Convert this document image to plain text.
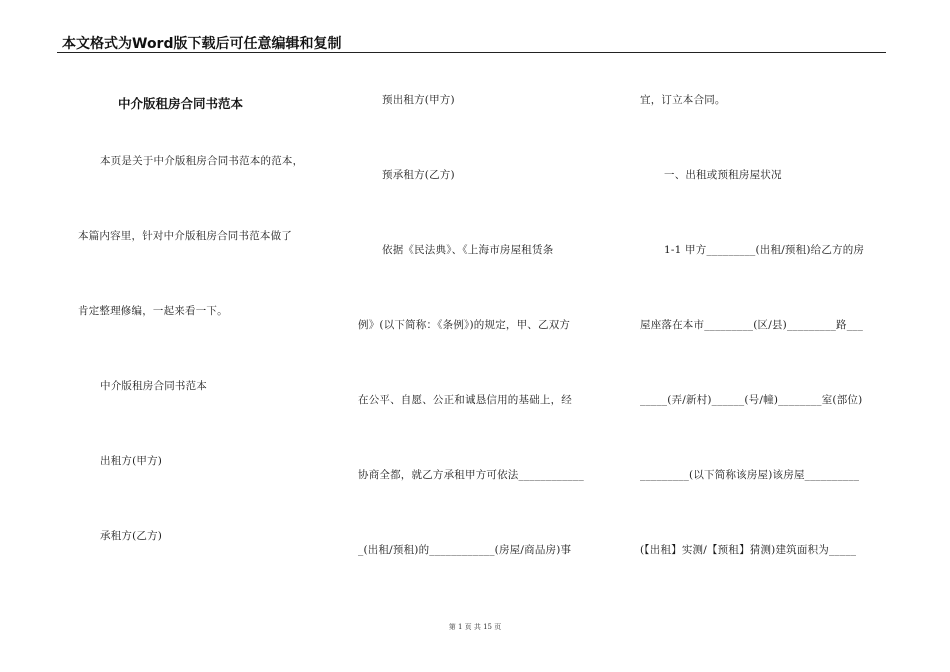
本文格式为Word版下载后可任意编辑和复制
中介版租房合同书范本
本页是关于中介版租房合同书范本的范本，
本篇内容里，针对中介版租房合同书范本做了
肯定整理修编，一起来看一下。
中介版租房合同书范本
出租方(甲方)
承租方(乙方)
预出租方(甲方)
预承租方(乙方)
依据《民法典》、《上海市房屋租赁条
例》(以下简称：《条例》)的规定，甲、乙双方
在公平、自愿、公正和诚恳信用的基础上，经
协商全都，就乙方承租甲方可依法____________
_(出租/预租)的____________(房屋/商品房)事
宜，订立本合同。
一、出租或预租房屋状况
1-1 甲方_________(出租/预租)给乙方的房
屋座落在本市_________(区/县)_________路___
_____(弄/新村)______(号/幢)________室(部位)
_________(以下简称该房屋)该房屋__________
(【出租】实测/【预租】猜测)建筑面积为_____
第 1 页 共 15 页
